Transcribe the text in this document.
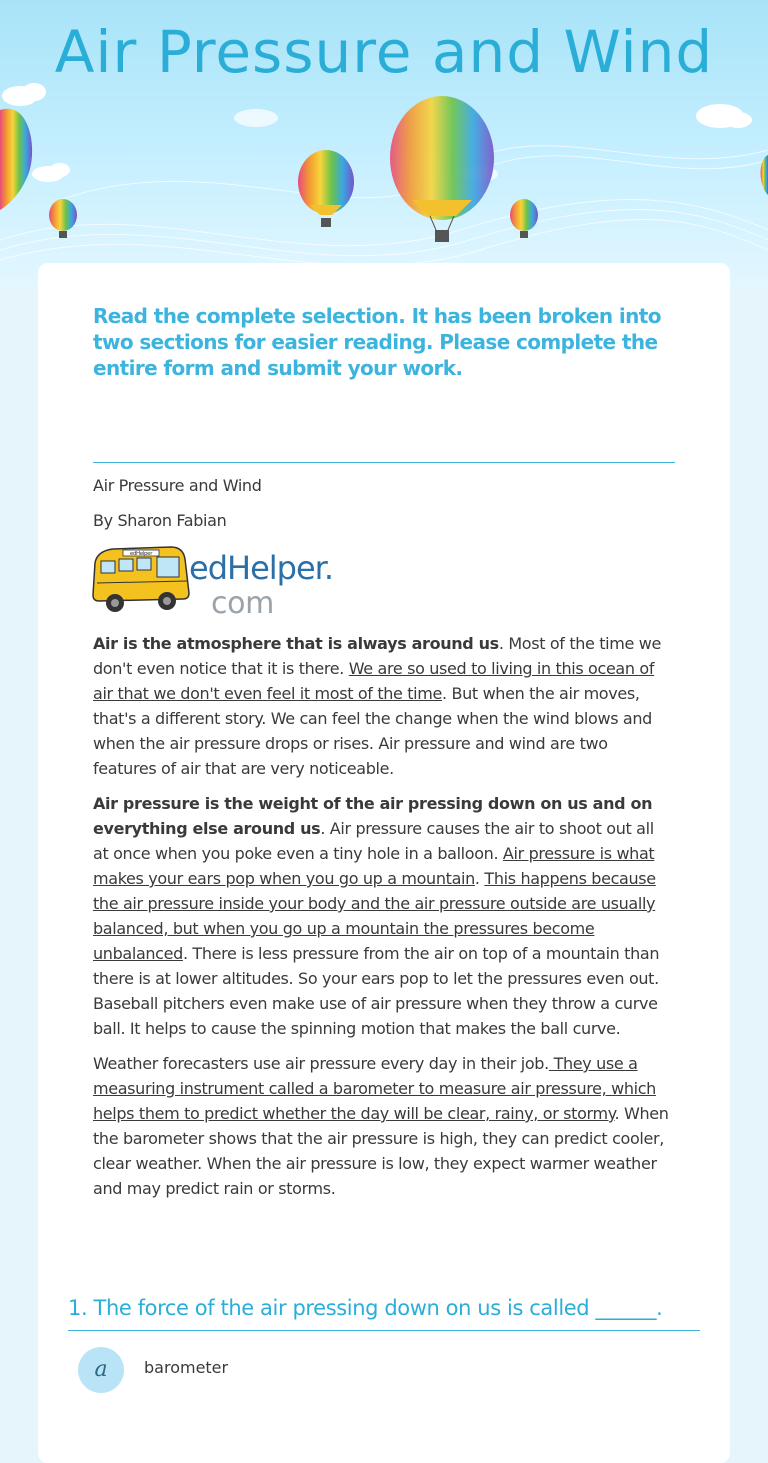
Air Pressure and Wind

Read the complete selection. It has been broken into two sections for easier reading. Please complete the entire form and submit your work.

Air Pressure and Wind

By Sharon Fabian

edHelper edHelper.
com

Air is the atmosphere that is always around us. Most of the time we don't even notice that it is there. We are so used to living in this ocean of air that we don't even feel it most of the time. But when the air moves, that's a different story. We can feel the change when the wind blows and when the air pressure drops or rises. Air pressure and wind are two features of air that are very noticeable.

Air pressure is the weight of the air pressing down on us and on everything else around us. Air pressure causes the air to shoot out all at once when you poke even a tiny hole in a balloon. Air pressure is what makes your ears pop when you go up a mountain. This happens because the air pressure inside your body and the air pressure outside are usually balanced, but when you go up a mountain the pressures become unbalanced. There is less pressure from the air on top of a mountain than there is at lower altitudes. So your ears pop to let the pressures even out. Baseball pitchers even make use of air pressure when they throw a curve ball. It helps to cause the spinning motion that makes the ball curve.

Weather forecasters use air pressure every day in their job. They use a measuring instrument called a barometer to measure air pressure, which helps them to predict whether the day will be clear, rainy, or stormy. When the barometer shows that the air pressure is high, they can predict cooler, clear weather. When the air pressure is low, they expect warmer weather and may predict rain or storms.

1. The force of the air pressing down on us is called ______.
a	barometer
